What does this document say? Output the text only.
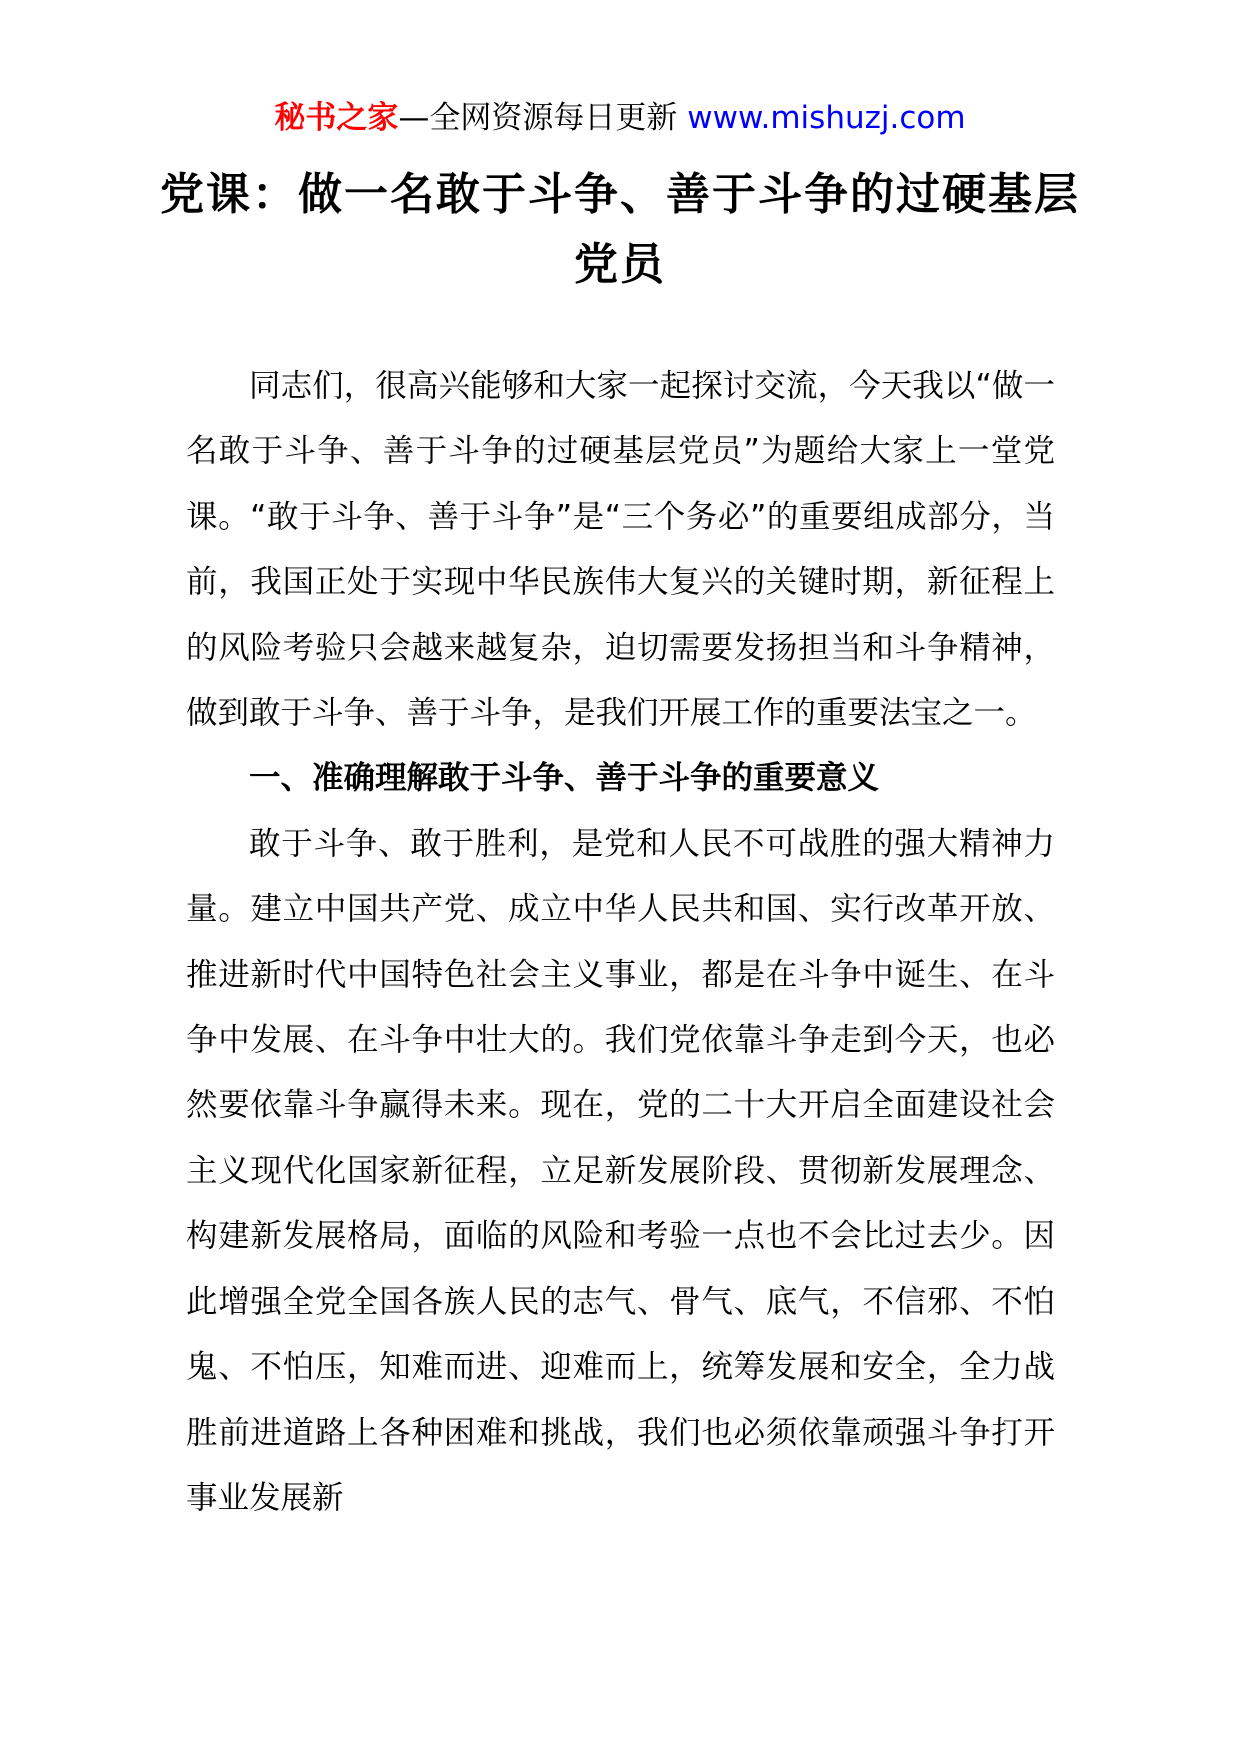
秘书之家—全网资源每日更新 www.mishuzj.com
党课：做一名敢于斗争、善于斗争的过硬基层党员

同志们，很高兴能够和大家一起探讨交流，今天我以“做一名敢于斗争、善于斗争的过硬基层党员”为题给大家上一堂党课。“敢于斗争、善于斗争”是“三个务必”的重要组成部分，当前，我国正处于实现中华民族伟大复兴的关键时期，新征程上的风险考验只会越来越复杂，迫切需要发扬担当和斗争精神，做到敢于斗争、善于斗争，是我们开展工作的重要法宝之一。

一、准确理解敢于斗争、善于斗争的重要意义

敢于斗争、敢于胜利，是党和人民不可战胜的强大精神力量。建立中国共产党、成立中华人民共和国、实行改革开放、推进新时代中国特色社会主义事业，都是在斗争中诞生、在斗争中发展、在斗争中壮大的。我们党依靠斗争走到今天，也必然要依靠斗争赢得未来。现在，党的二十大开启全面建设社会主义现代化国家新征程，立足新发展阶段、贯彻新发展理念、构建新发展格局，面临的风险和考验一点也不会比过去少。因此增强全党全国各族人民的志气、骨气、底气，不信邪、不怕鬼、不怕压，知难而进、迎难而上，统筹发展和安全，全力战胜前进道路上各种困难和挑战，我们也必须依靠顽强斗争打开事业发展新
